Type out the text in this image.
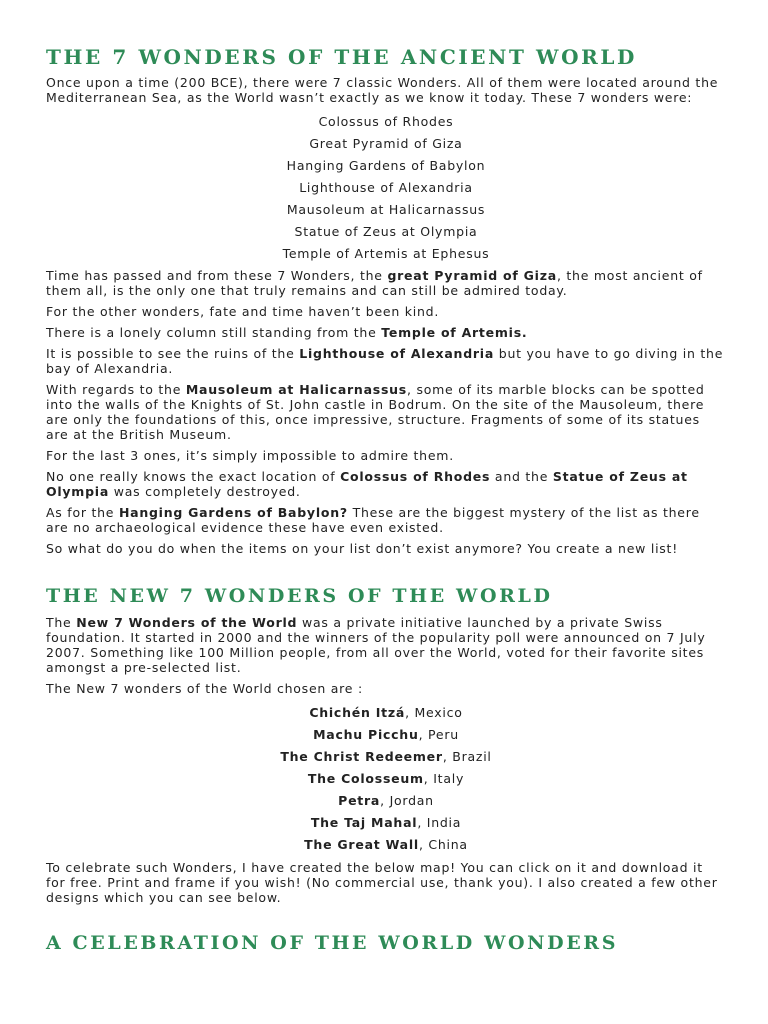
THE 7 WONDERS OF THE ANCIENT WORLD

Once upon a time (200 BCE), there were 7 classic Wonders. All of them were located around the Mediterranean Sea, as the World wasn’t exactly as we know it today. These 7 wonders were:

Colossus of Rhodes
Great Pyramid of Giza
Hanging Gardens of Babylon
Lighthouse of Alexandria
Mausoleum at Halicarnassus
Statue of Zeus at Olympia
Temple of Artemis at Ephesus

Time has passed and from these 7 Wonders, the great Pyramid of Giza, the most ancient of them all, is the only one that truly remains and can still be admired today.

For the other wonders, fate and time haven’t been kind.

There is a lonely column still standing from the Temple of Artemis.

It is possible to see the ruins of the Lighthouse of Alexandria but you have to go diving in the bay of Alexandria.

With regards to the Mausoleum at Halicarnassus, some of its marble blocks can be spotted into the walls of the Knights of St. John castle in Bodrum. On the site of the Mausoleum, there are only the foundations of this, once impressive, structure. Fragments of some of its statues are at the British Museum.

For the last 3 ones, it’s simply impossible to admire them.

No one really knows the exact location of Colossus of Rhodes and the Statue of Zeus at Olympia was completely destroyed.

As for the Hanging Gardens of Babylon? These are the biggest mystery of the list as there are no archaeological evidence these have even existed.

So what do you do when the items on your list don’t exist anymore? You create a new list!

THE NEW 7 WONDERS OF THE WORLD

The New 7 Wonders of the World was a private initiative launched by a private Swiss foundation. It started in 2000 and the winners of the popularity poll were announced on 7 July 2007. Something like 100 Million people, from all over the World, voted for their favorite sites amongst a pre-selected list.

The New 7 wonders of the World chosen are :

Chichén Itzá, Mexico
Machu Picchu, Peru
The Christ Redeemer, Brazil
The Colosseum, Italy
Petra, Jordan
The Taj Mahal, India
The Great Wall, China

To celebrate such Wonders, I have created the below map! You can click on it and download it for free. Print and frame if you wish! (No commercial use, thank you). I also created a few other designs which you can see below.

A CELEBRATION OF THE WORLD WONDERS
